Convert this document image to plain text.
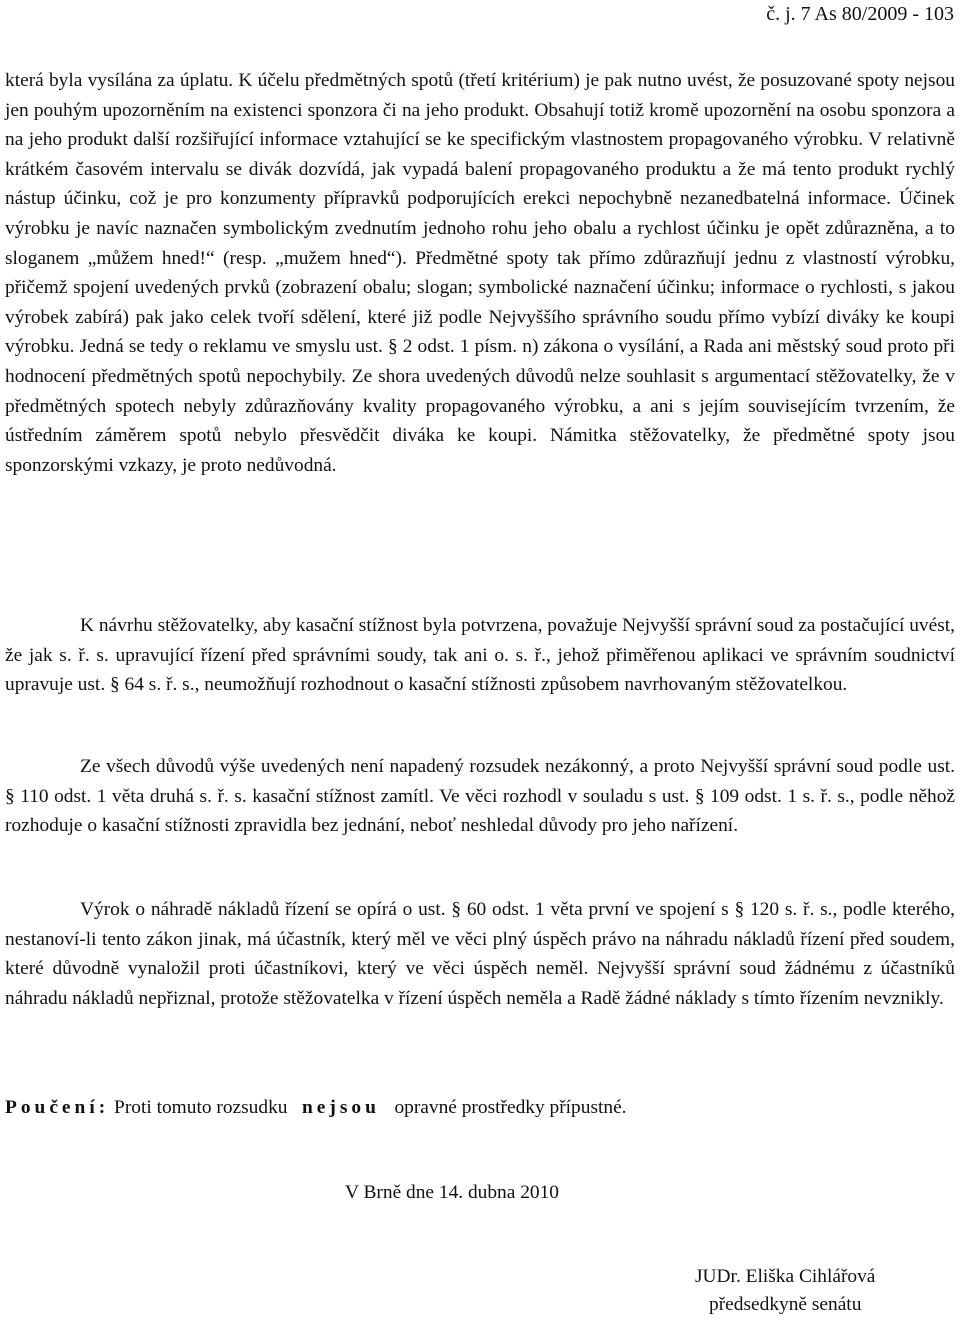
č. j. 7 As 80/2009 - 103

která byla vysílána za úplatu. K účelu předmětných spotů (třetí kritérium) je pak nutno uvést, že posuzované spoty nejsou jen pouhým upozorněním na existenci sponzora či na jeho produkt. Obsahují totiž kromě upozornění na osobu sponzora a na jeho produkt další rozšiřující informace vztahující se ke specifickým vlastnostem propagovaného výrobku. V relativně krátkém časovém intervalu se divák dozvídá, jak vypadá balení propagovaného produktu a že má tento produkt rychlý nástup účinku, což je pro konzumenty přípravků podporujících erekci nepochybně nezanedbatelná informace. Účinek výrobku je navíc naznačen symbolickým zvednutím jednoho rohu jeho obalu a rychlost účinku je opět zdůrazněna, a to sloganem „můžem hned!“ (resp. „mužem hned“). Předmětné spoty tak přímo zdůrazňují jednu z vlastností výrobku, přičemž spojení uvedených prvků (zobrazení obalu; slogan; symbolické naznačení účinku; informace o rychlosti, s jakou výrobek zabírá) pak jako celek tvoří sdělení, které již podle Nejvyššího správního soudu přímo vybízí diváky ke koupi výrobku. Jedná se tedy o reklamu ve smyslu ust. § 2 odst. 1 písm. n) zákona o vysílání, a Rada ani městský soud proto při hodnocení předmětných spotů nepochybily. Ze shora uvedených důvodů nelze souhlasit s argumentací stěžovatelky, že v předmětných spotech nebyly zdůrazňovány kvality propagovaného výrobku, a ani s jejím souvisejícím tvrzením, že ústředním záměrem spotů nebylo přesvědčit diváka ke koupi. Námitka stěžovatelky, že předmětné spoty jsou sponzorskými vzkazy, je proto nedůvodná.

K návrhu stěžovatelky, aby kasační stížnost byla potvrzena, považuje Nejvyšší správní soud za postačující uvést, že jak s. ř. s. upravující řízení před správními soudy, tak ani o. s. ř., jehož přiměřenou aplikaci ve správním soudnictví upravuje ust. § 64 s. ř. s., neumožňují rozhodnout o kasační stížnosti způsobem navrhovaným stěžovatelkou.

Ze všech důvodů výše uvedených není napadený rozsudek nezákonný, a proto Nejvyšší správní soud podle ust. § 110 odst. 1 věta druhá s. ř. s. kasační stížnost zamítl. Ve věci rozhodl v souladu s ust. § 109 odst. 1 s. ř. s., podle něhož rozhoduje o kasační stížnosti zpravidla bez jednání, neboť neshledal důvody pro jeho nařízení.

Výrok o náhradě nákladů řízení se opírá o ust. § 60 odst. 1 věta první ve spojení s § 120 s. ř. s., podle kterého, nestanoví-li tento zákon jinak, má účastník, který měl ve věci plný úspěch právo na náhradu nákladů řízení před soudem, které důvodně vynaložil proti účastníkovi, který ve věci úspěch neměl. Nejvyšší správní soud žádnému z účastníků náhradu nákladů nepřiznal, protože stěžovatelka v řízení úspěch neměla a Radě žádné náklady s tímto řízením nevznikly.

Poučení: Proti tomuto rozsudku nejsou opravné prostředky přípustné.

V Brně dne 14. dubna 2010
JUDr. Eliška Cihlářová
předsedkyně senátu
